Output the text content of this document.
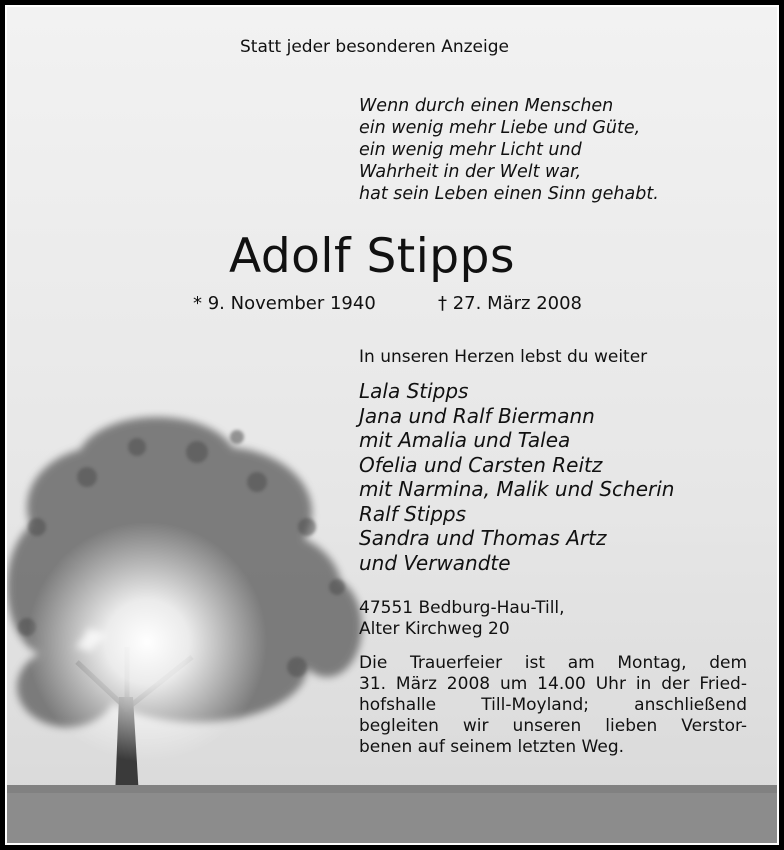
Statt jeder besonderen Anzeige
Wenn durch einen Menschen
ein wenig mehr Liebe und Güte,
ein wenig mehr Licht und
Wahrheit in der Welt war,
hat sein Leben einen Sinn gehabt.
Adolf Stipps
* 9. November 1940	† 27. März 2008
In unseren Herzen lebst du weiter
Lala Stipps
Jana und Ralf Biermann
mit Amalia und Talea
Ofelia und Carsten Reitz
mit Narmina, Malik und Scherin
Ralf Stipps
Sandra und Thomas Artz
und Verwandte
47551 Bedburg-Hau-Till,
Alter Kirchweg 20
Die Trauerfeier ist am Montag, dem
31. März 2008 um 14.00 Uhr in der Fried-
hofshalle Till-Moyland; anschließend
begleiten wir unseren lieben Verstor-
benen auf seinem letzten Weg.
